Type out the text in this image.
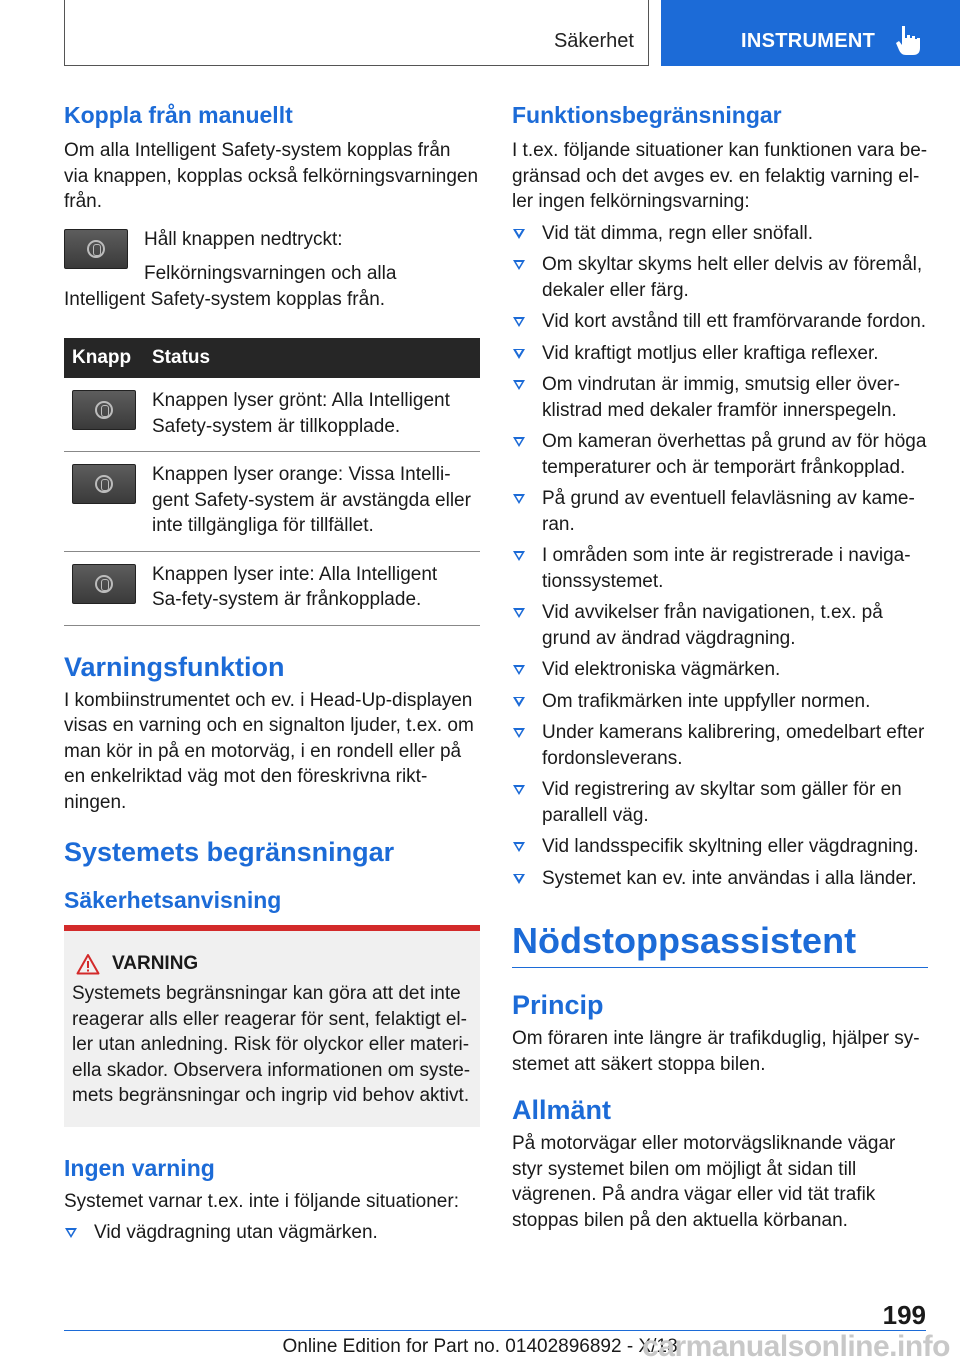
Säkerhet	INSTRUMENT
Koppla från manuellt
Om alla Intelligent Safety-system kopplas från via knappen, kopplas också felkörningsvarningen från.
Håll knappen nedtryckt:
Felkörningsvarningen och alla Intelligent Safety-system kopplas från.
Knapp	Status

	Knappen lyser grönt: Alla Intelligent Safety-system är tillkopplade.

	Knappen lyser orange: Vissa Intelli-gent Safety-system är avstängda eller inte tillgängliga för tillfället.

	Knappen lyser inte: Alla Intelligent Sa-fety-system är frånkopplade.
Varningsfunktion
I kombiinstrumentet och ev. i Head-Up-displayen visas en varning och en signalton ljuder, t.ex. om man kör in på en motorväg, i en rondell eller på en enkelriktad väg mot den föreskrivna rikt-ningen.
Systemets begränsningar
Säkerhetsanvisning
VARNING
Systemets begränsningar kan göra att det inte reagerar alls eller reagerar för sent, felaktigt el-ler utan anledning. Risk för olyckor eller materi-ella skador. Observera informationen om syste-mets begränsningar och ingrip vid behov aktivt.
Ingen varning
Systemet varnar t.ex. inte i följande situationer:
Vid vägdragning utan vägmärken.
Funktionsbegränsningar
I t.ex. följande situationer kan funktionen vara be-gränsad och det avges ev. en felaktig varning el-ler ingen felkörningsvarning:
Vid tät dimma, regn eller snöfall.
Om skyltar skyms helt eller delvis av föremål, dekaler eller färg.
Vid kort avstånd till ett framförvarande fordon.
Vid kraftigt motljus eller kraftiga reflexer.
Om vindrutan är immig, smutsig eller över-klistrad med dekaler framför innerspegeln.
Om kameran överhettas på grund av för höga temperaturer och är temporärt frånkopplad.
På grund av eventuell felavläsning av kame-ran.
I områden som inte är registrerade i naviga-tionssystemet.
Vid avvikelser från navigationen, t.ex. på grund av ändrad vägdragning.
Vid elektroniska vägmärken.
Om trafikmärken inte uppfyller normen.
Under kamerans kalibrering, omedelbart efter fordonsleverans.
Vid registrering av skyltar som gäller för en parallell väg.
Vid landsspecifik skyltning eller vägdragning.
Systemet kan ev. inte användas i alla länder.
Nödstoppsassistent
Princip
Om föraren inte längre är trafikduglig, hjälper sy-stemet att säkert stoppa bilen.
Allmänt
På motorvägar eller motorvägsliknande vägar styr systemet bilen om möjligt åt sidan till vägrenen. På andra vägar eller vid tät trafik stoppas bilen på den aktuella körbanan.
199
Online Edition for Part no. 01402896892 - X/18
carmanualsonline.info
